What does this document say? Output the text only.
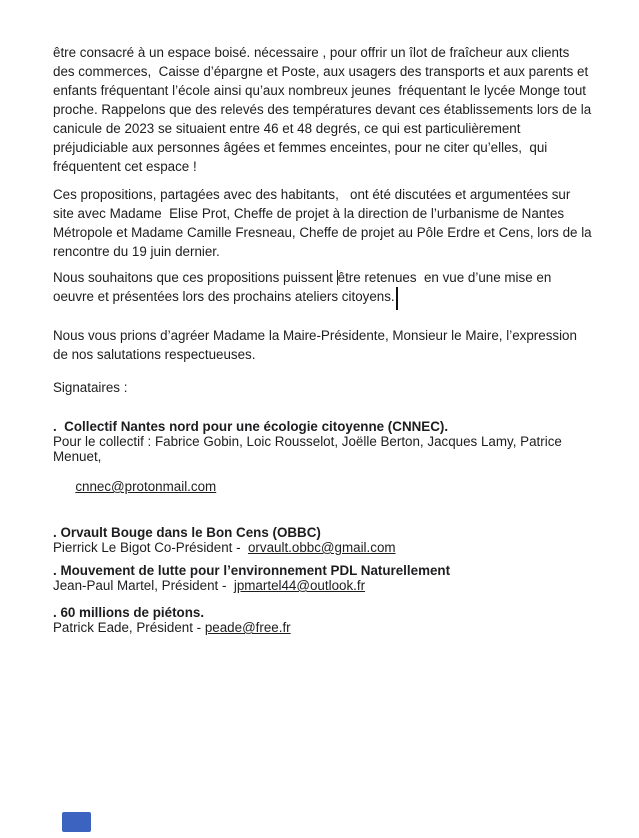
être consacré à un espace boisé. nécessaire , pour offrir un îlot de fraîcheur aux clients  des commerces,  Caisse d’épargne et Poste, aux usagers des transports et aux parents et enfants fréquentant l’école ainsi qu’aux nombreux jeunes  fréquentant le lycée Monge tout proche. Rappelons que des relevés des températures devant ces établissements lors de la canicule de 2023 se situaient entre 46 et 48 degrés, ce qui est particulièrement préjudiciable aux personnes âgées et femmes enceintes, pour ne citer qu’elles,  qui fréquentent cet espace !

Ces propositions, partagées avec des habitants,   ont été discutées et argumentées sur site avec Madame  Elise Prot, Cheffe de projet à la direction de l’urbanisme de Nantes Métropole et Madame Camille Fresneau, Cheffe de projet au Pôle Erdre et Cens, lors de la rencontre du 19 juin dernier.

Nous souhaitons que ces propositions puissent être retenues  en vue d’une mise en oeuvre et présentées lors des prochains ateliers citoyens.

Nous vous prions d’agréer Madame la Maire-Présidente, Monsieur le Maire, l’expression de nos salutations respectueuses.

Signataires :
.  Collectif Nantes nord pour une écologie citoyenne (CNNEC).
Pour le collectif : Fabrice Gobin, Loic Rousselot, Joëlle Berton, Jacques Lamy, Patrice Menuet,

cnnec@protonmail.com

. Orvault Bouge dans le Bon Cens (OBBC)
Pierrick Le Bigot Co-Président -  orvault.obbc@gmail.com
. Mouvement de lutte pour l’environnement PDL Naturellement
Jean-Paul Martel, Président -  jpmartel44@outlook.fr
. 60 millions de piétons.
Patrick Eade, Président - peade@free.fr
